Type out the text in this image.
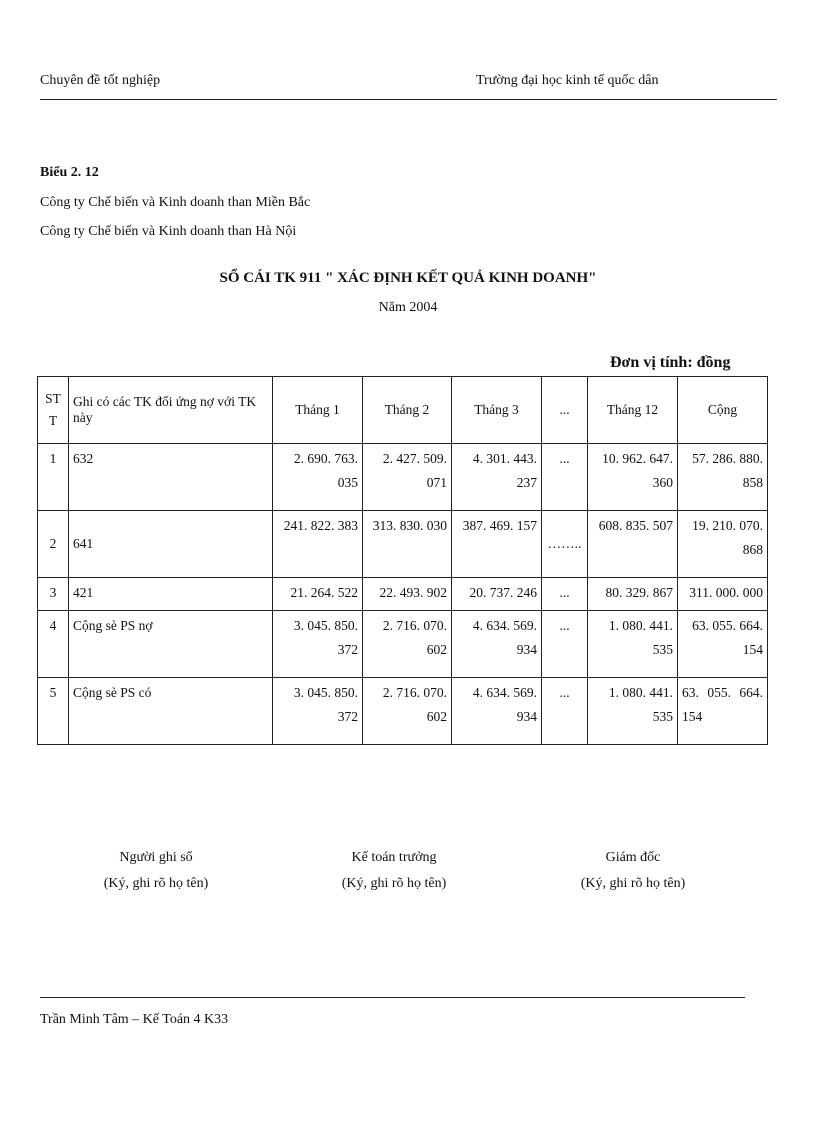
Chuyên đề tốt nghiệp	Trường đại học kinh tế quốc dân
Biểu 2. 12
Công ty Chế biến và Kinh doanh than Miền Bắc
Công ty Chế biến và Kinh doanh than Hà Nội
SỔ CÁI TK 911 " XÁC ĐỊNH KẾT QUẢ KINH DOANH"
Năm 2004
Đơn vị tính: đồng
ST T	Ghi có các TK đối ứng nợ với TK này	Tháng 1	Tháng 2	Tháng 3	...	Tháng 12	Cộng
1	632	2. 690. 763. 035	2. 427. 509. 071	4. 301. 443. 237	...	10. 962. 647. 360	57. 286. 880. 858
2	641	241. 822. 383	313. 830. 030	387. 469. 157	……..	608. 835. 507	19. 210. 070. 868
3	421	21. 264. 522	22. 493. 902	20. 737. 246	...	80. 329. 867	311. 000. 000
4	Cộng sè PS nợ	3. 045. 850. 372	2. 716. 070. 602	4. 634. 569. 934	...	1. 080. 441. 535	63. 055. 664. 154
5	Cộng sè PS có	3. 045. 850. 372	2. 716. 070. 602	4. 634. 569. 934	...	1. 080. 441. 535	63. 055. 664. 154
Người ghi sổ
(Ký, ghi rõ họ tên)
Kế toán trưởng
(Ký, ghi rõ họ tên)
Giám đốc
(Ký, ghi rõ họ tên)
Trần Minh Tâm – Kế Toán 4 K33
